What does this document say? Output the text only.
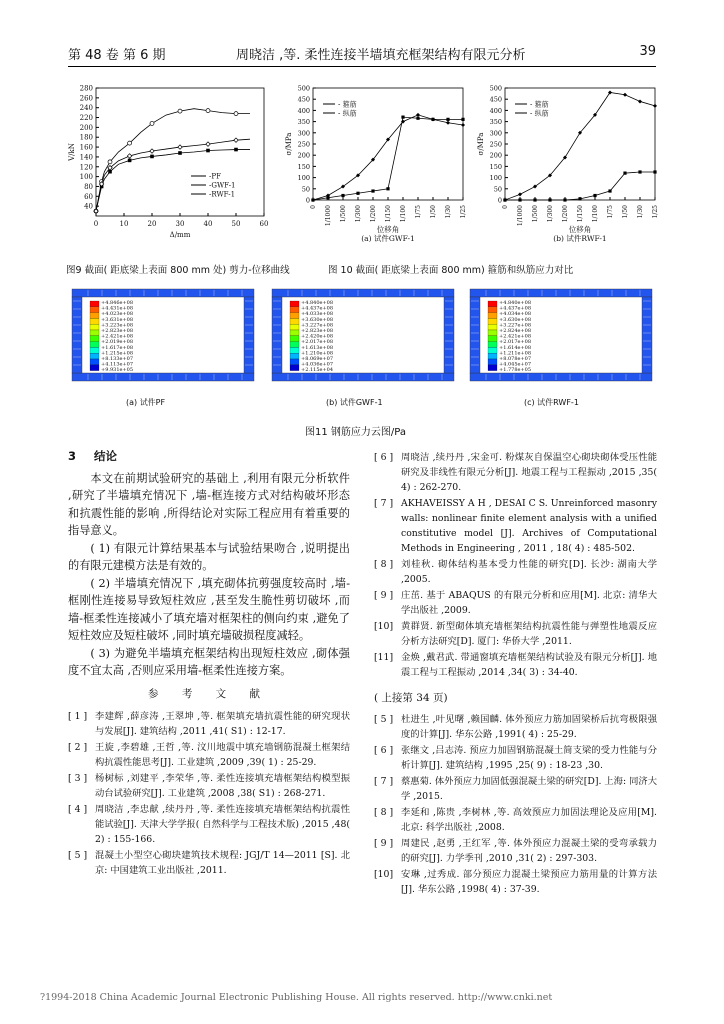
第 48 卷 第 6 期	周晓洁 ,等. 柔性连接半墙填充框架结构有限元分析	39
0	10	20	30	40	50	60
40
60
80
100
120
140
160
180
200
220
240
260
280
Δ/mm
V/kN
-PF
-GWF-1
-RWF-1
0
50
100
150
200
250
300
350
400
450
500
0 1/1000 1/500 1/300 1/200 1/150 1/100 1/75 1/50 1/30 1/25
σ/MPa
位移角
(a) 试件GWF-1
- 箍筋
- 纵筋
0
50
100
150
200
250
300
350
400
450
500
0 1/1000 1/500 1/300 1/200 1/150 1/100 1/75 1/50 1/30 1/25
σ/MPa
位移角
(b) 试件RWF-1
- 箍筋
- 纵筋
图9 截面( 距底梁上表面 800 mm 处) 剪力-位移曲线	图 10 截面( 距底梁上表面 800 mm) 箍筋和纵筋应力对比
+4.846e+08
+4.431e+08
+4.023e+08
+3.631e+08
+3.223e+08
+2.823e+08
+2.421e+08
+2.019e+08
+1.617e+08
+1.215e+08
+8.133e+07
+4.113e+07
+9.931e+05
(a) 试件PF
+4.840e+08
+4.437e+08
+4.033e+08
+3.630e+08
+3.227e+08
+2.823e+08
+2.420e+08
+2.017e+08
+1.613e+08
+1.210e+08
+8.069e+07
+4.036e+07
+2.115e+04
(b) 试件GWF-1
+4.840e+08
+4.437e+08
+4.034e+08
+3.630e+08
+3.227e+08
+2.824e+08
+2.421e+08
+2.017e+08
+1.614e+08
+1.211e+08
+8.078e+07
+4.045e+07
+1.778e+05
(c) 试件RWF-1
图11 钢筋应力云图/Pa
3 结论

本文在前期试验研究的基础上 ,利用有限元分析软件 ,研究了半墙填充情况下 ,墙-框连接方式对结构破坏形态和抗震性能的影响 ,所得结论对实际工程应用有着重要的指导意义。

( 1) 有限元计算结果基本与试验结果吻合 ,说明提出的有限元建模方法是有效的。

( 2) 半墙填充情况下 ,填充砌体抗剪强度较高时 ,墙-框刚性连接易导致短柱效应 ,甚至发生脆性剪切破坏 ,而墙-框柔性连接减小了填充墙对框架柱的侧向约束 ,避免了短柱效应及短柱破坏 ,同时填充墙破损程度减轻。

( 3) 为避免半墙填充框架结构出现短柱效应 ,砌体强度不宜太高 ,否则应采用墙-框柔性连接方案。

参 考 文 献
[ 1 ] 李建辉 ,薛彦涛 ,王翠坤 ,等. 框架填充墙抗震性能的研究现状与发展[J]. 建筑结构 ,2011 ,41( S1) : 12-17.
[ 2 ] 王旋 ,李碧雄 ,王哲 ,等. 汶川地震中填充墙钢筋混凝土框架结构抗震性能思考[J]. 工业建筑 ,2009 ,39( 1) : 25-29.
[ 3 ] 杨树标 ,刘建平 ,李荣华 ,等. 柔性连接填充墙框架结构模型振动台试验研究[J]. 工业建筑 ,2008 ,38( S1) : 268-271.
[ 4 ] 周晓洁 ,李忠献 ,续丹丹 ,等. 柔性连接填充墙框架结构抗震性能试验[J]. 天津大学学报( 自然科学与工程技术版) ,2015 ,48( 2) : 155-166.
[ 5 ] 混凝土小型空心砌块建筑技术规程: JGJ/T 14—2011 [S]. 北京: 中国建筑工业出版社 ,2011.
[ 6 ] 周晓洁 ,续丹丹 ,宋金可. 粉煤灰自保温空心砌块砌体受压性能研究及非线性有限元分析[J]. 地震工程与工程振动 ,2015 ,35( 4) : 262-270.
[ 7 ] AKHAVEISSY A H , DESAI C S. Unreinforced masonry walls: nonlinear finite element analysis with a unified constitutive model [J]. Archives of Computational Methods in Engineering , 2011 , 18( 4) : 485-502.
[ 8 ] 刘桂秋. 砌体结构基本受力性能的研究[D]. 长沙: 湖南大学 ,2005.
[ 9 ] 庄茁. 基于 ABAQUS 的有限元分析和应用[M]. 北京: 清华大学出版社 ,2009.
[10] 黄群贤. 新型砌体填充墙框架结构抗震性能与弹塑性地震反应分析方法研究[D]. 厦门: 华侨大学 ,2011.
[11] 金焕 ,戴君武. 带通窗填充墙框架结构试验及有限元分析[J]. 地震工程与工程振动 ,2014 ,34( 3) : 34-40.
( 上接第 34 页)
[ 5 ] 杜进生 ,叶见曙 ,赖国麟. 体外预应力筋加固梁桥后抗弯极限强度的计算[J]. 华东公路 ,1991( 4) : 25-29.
[ 6 ] 张继文 ,吕志涛. 预应力加固钢筋混凝土简支梁的受力性能与分析计算[J]. 建筑结构 ,1995 ,25( 9) : 18-23 ,30.
[ 7 ] 蔡惠菊. 体外预应力加固低强混凝土梁的研究[D]. 上海: 同济大学 ,2015.
[ 8 ] 李延和 ,陈贵 ,李树林 ,等. 高效预应力加固法理论及应用[M]. 北京: 科学出版社 ,2008.
[ 9 ] 周建民 ,赵勇 ,王红军 ,等. 体外预应力混凝土梁的受弯承载力的研究[J]. 力学季刊 ,2010 ,31( 2) : 297-303.
[10] 安琳 ,过秀成. 部分预应力混凝土梁预应力筋用量的计算方法[J]. 华东公路 ,1998( 4) : 37-39.
?1994-2018 China Academic Journal Electronic Publishing House. All rights reserved. http://www.cnki.net
